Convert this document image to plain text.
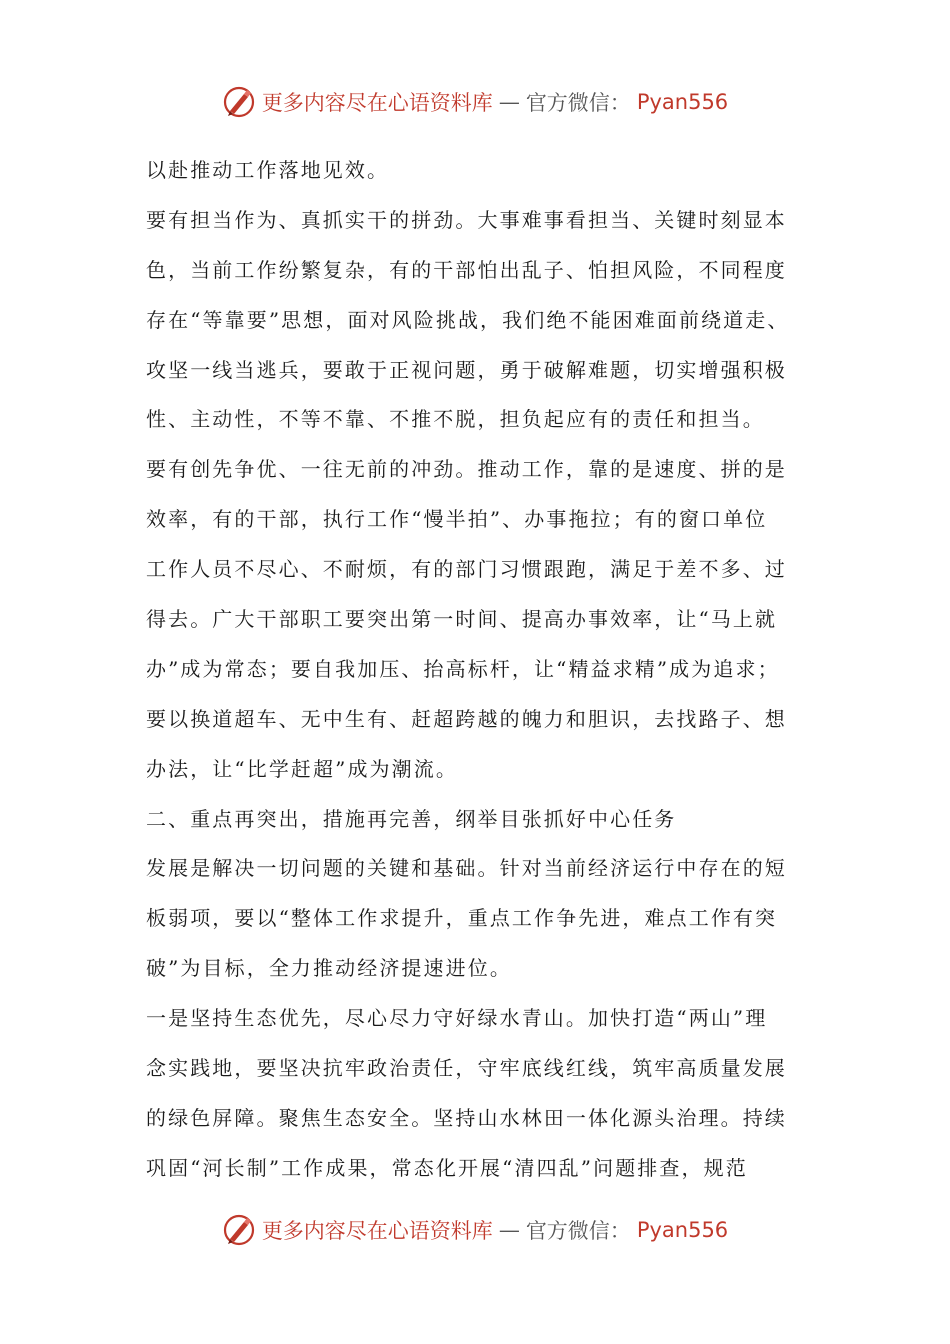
更多内容尽在心语资料库 — 官方微信： Pyan556
以赴推动工作落地见效。
要有担当作为、真抓实干的拼劲。大事难事看担当、关键时刻显本
色，当前工作纷繁复杂，有的干部怕出乱子、怕担风险，不同程度
存在“等靠要”思想，面对风险挑战，我们绝不能困难面前绕道走、
攻坚一线当逃兵，要敢于正视问题，勇于破解难题，切实增强积极
性、主动性，不等不靠、不推不脱，担负起应有的责任和担当。
要有创先争优、一往无前的冲劲。推动工作，靠的是速度、拼的是
效率，有的干部，执行工作“慢半拍”、办事拖拉；有的窗口单位
工作人员不尽心、不耐烦，有的部门习惯跟跑，满足于差不多、过
得去。广大干部职工要突出第一时间、提高办事效率，让“马上就
办”成为常态；要自我加压、抬高标杆，让“精益求精”成为追求；
要以换道超车、无中生有、赶超跨越的魄力和胆识，去找路子、想
办法，让“比学赶超”成为潮流。
二、重点再突出，措施再完善，纲举目张抓好中心任务
发展是解决一切问题的关键和基础。针对当前经济运行中存在的短
板弱项，要以“整体工作求提升，重点工作争先进，难点工作有突
破”为目标，全力推动经济提速进位。
一是坚持生态优先，尽心尽力守好绿水青山。加快打造“两山”理
念实践地，要坚决抗牢政治责任，守牢底线红线，筑牢高质量发展
的绿色屏障。聚焦生态安全。坚持山水林田一体化源头治理。持续
巩固“河长制”工作成果，常态化开展“清四乱”问题排查，规范
更多内容尽在心语资料库 — 官方微信： Pyan556
